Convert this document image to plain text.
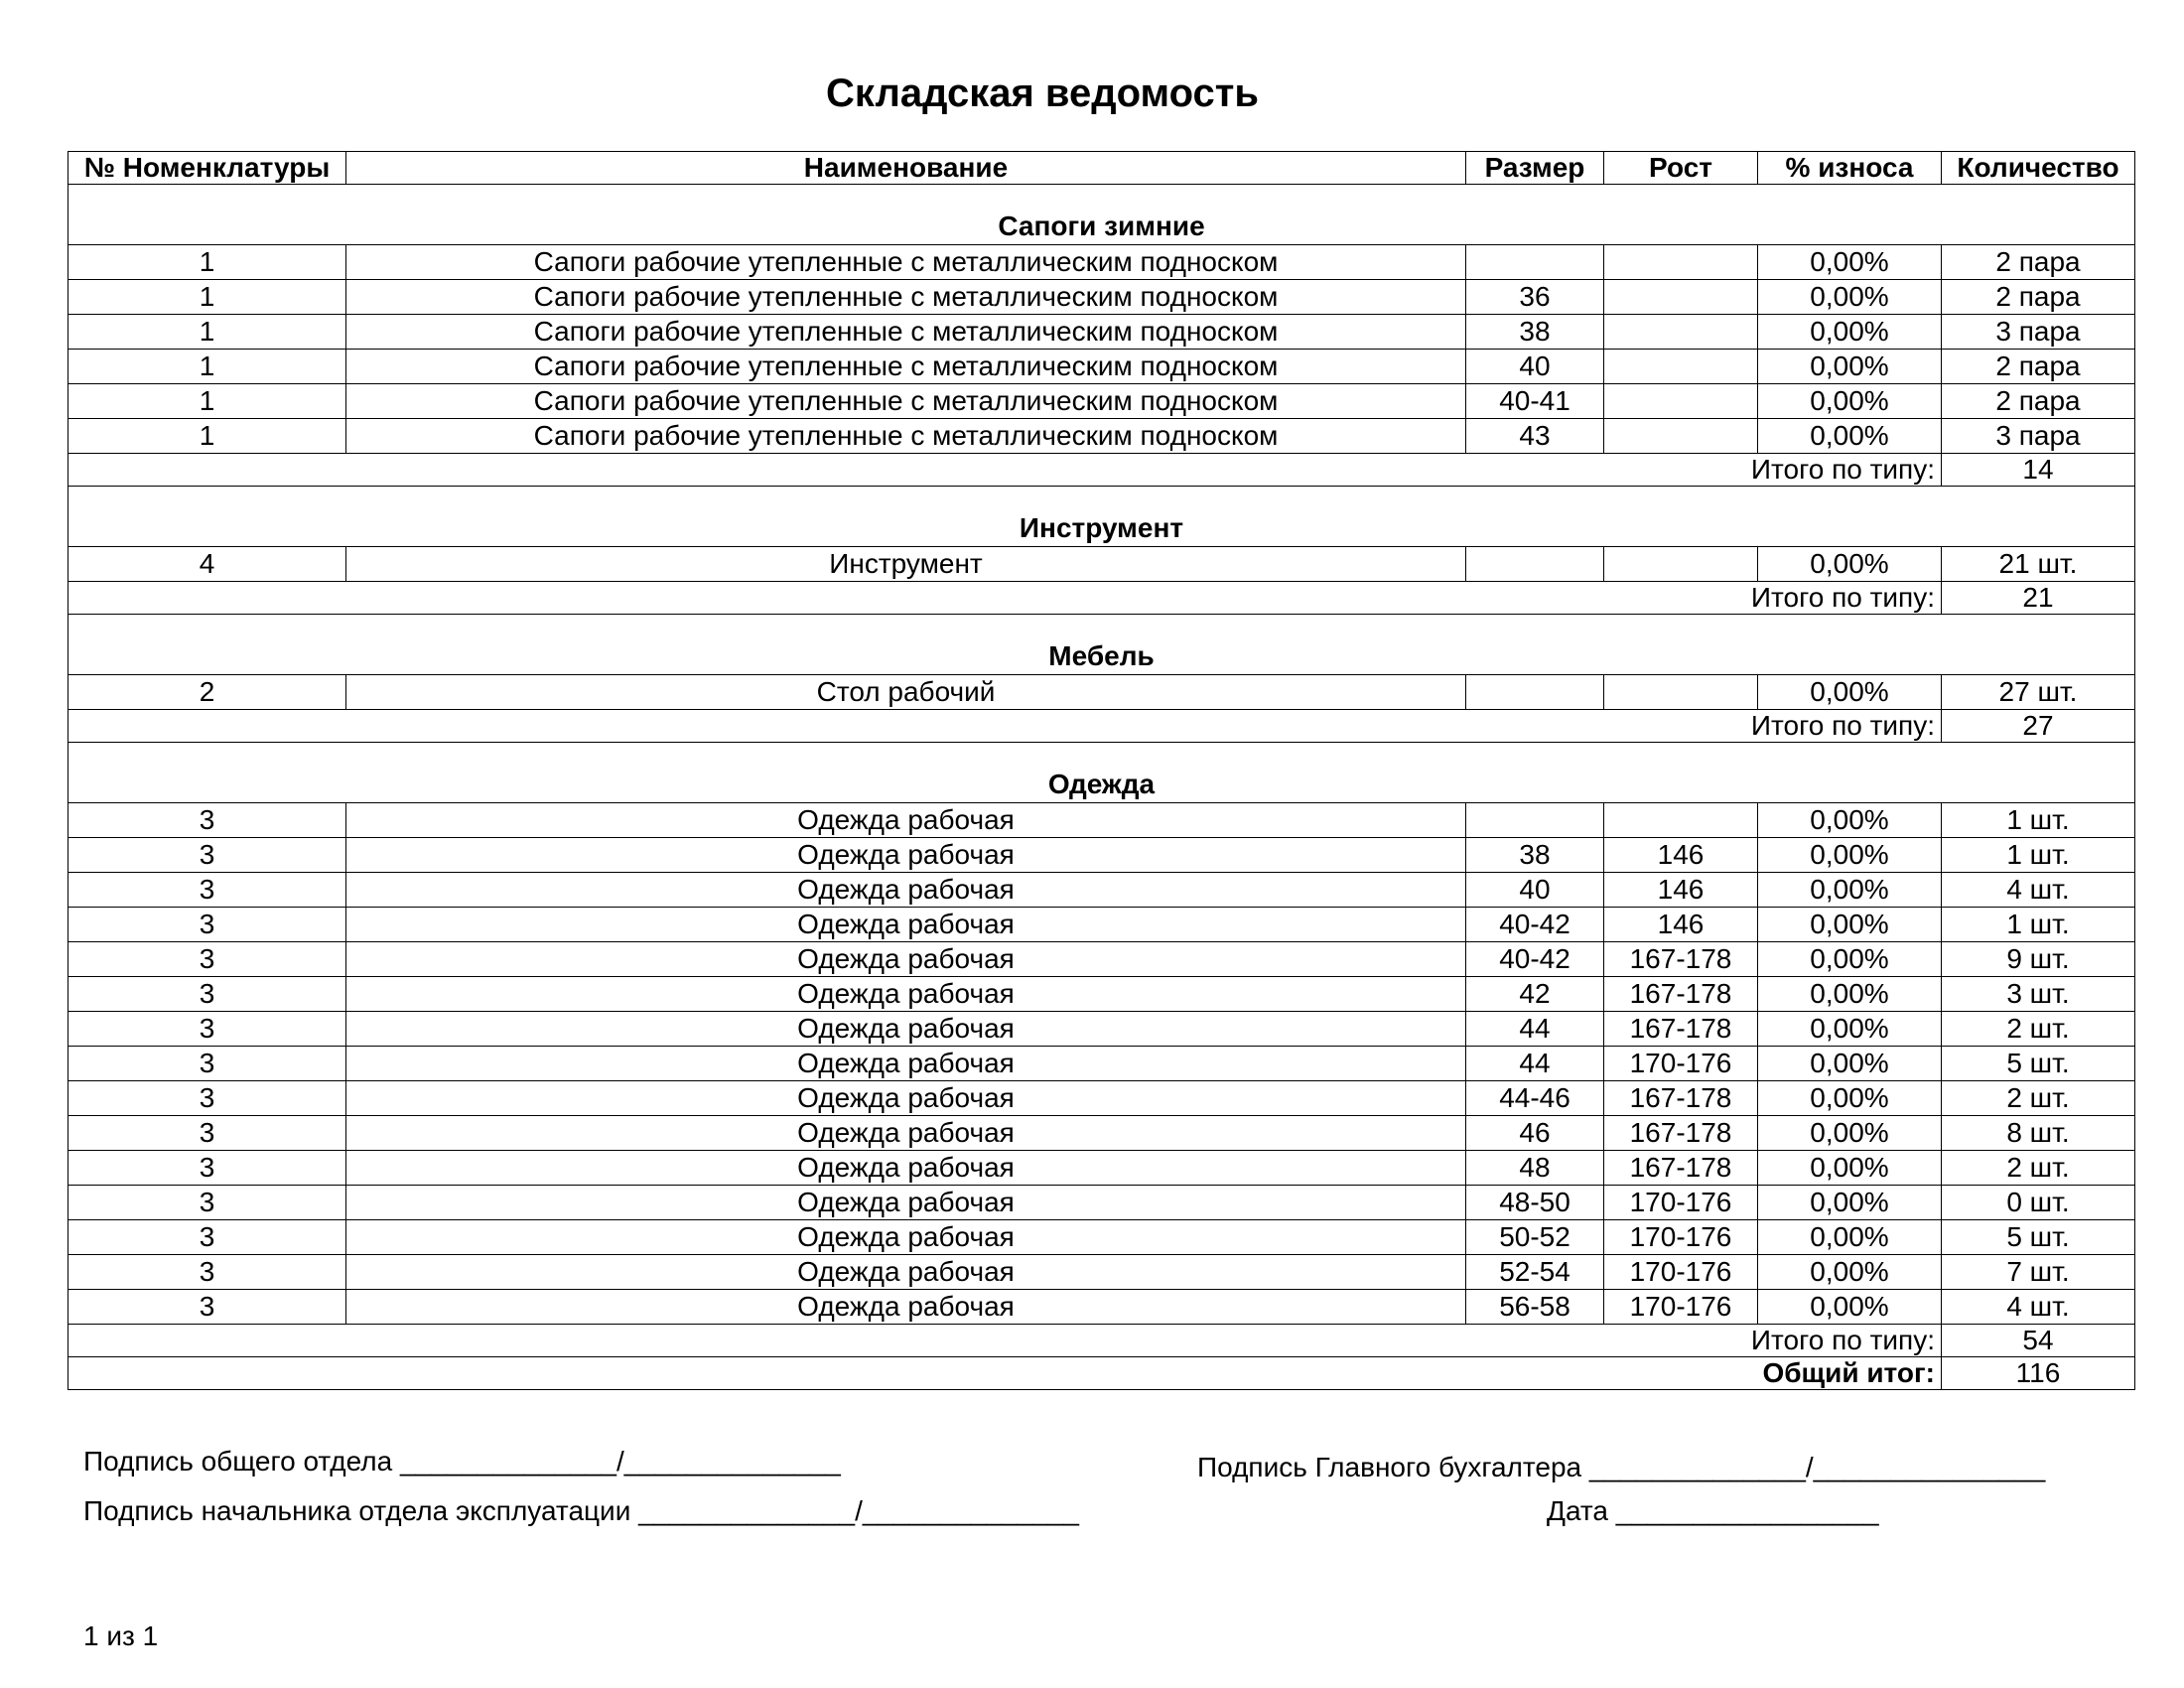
Складская ведомость
№ Номенклатуры	Наименование	Размер	Рост	% износа	Количество
Сапоги зимние					
1	Сапоги рабочие утепленные с металлическим подноском			0,00%	2 пара
1	Сапоги рабочие утепленные с металлическим подноском	36		0,00%	2 пара
1	Сапоги рабочие утепленные с металлическим подноском	38		0,00%	3 пара
1	Сапоги рабочие утепленные с металлическим подноском	40		0,00%	2 пара
1	Сапоги рабочие утепленные с металлическим подноском	40-41		0,00%	2 пара
1	Сапоги рабочие утепленные с металлическим подноском	43		0,00%	3 пара
Итого по типу:					14
Инструмент					
4	Инструмент			0,00%	21 шт.
Итого по типу:					21
Мебель					
2	Стол рабочий			0,00%	27 шт.
Итого по типу:					27
Одежда					
3	Одежда рабочая			0,00%	1 шт.
3	Одежда рабочая	38	146	0,00%	1 шт.
3	Одежда рабочая	40	146	0,00%	4 шт.
3	Одежда рабочая	40-42	146	0,00%	1 шт.
3	Одежда рабочая	40-42	167-178	0,00%	9 шт.
3	Одежда рабочая	42	167-178	0,00%	3 шт.
3	Одежда рабочая	44	167-178	0,00%	2 шт.
3	Одежда рабочая	44	170-176	0,00%	5 шт.
3	Одежда рабочая	44-46	167-178	0,00%	2 шт.
3	Одежда рабочая	46	167-178	0,00%	8 шт.
3	Одежда рабочая	48	167-178	0,00%	2 шт.
3	Одежда рабочая	48-50	170-176	0,00%	0 шт.
3	Одежда рабочая	50-52	170-176	0,00%	5 шт.
3	Одежда рабочая	52-54	170-176	0,00%	7 шт.
3	Одежда рабочая	56-58	170-176	0,00%	4 шт.
Итого по типу:					54
Общий итог:					116
Подпись общего отдела ______________/______________	Подпись Главного бухгалтера ______________/_______________
Подпись начальника отдела эксплуатации ______________/______________	Дата _________________
1 из 1
